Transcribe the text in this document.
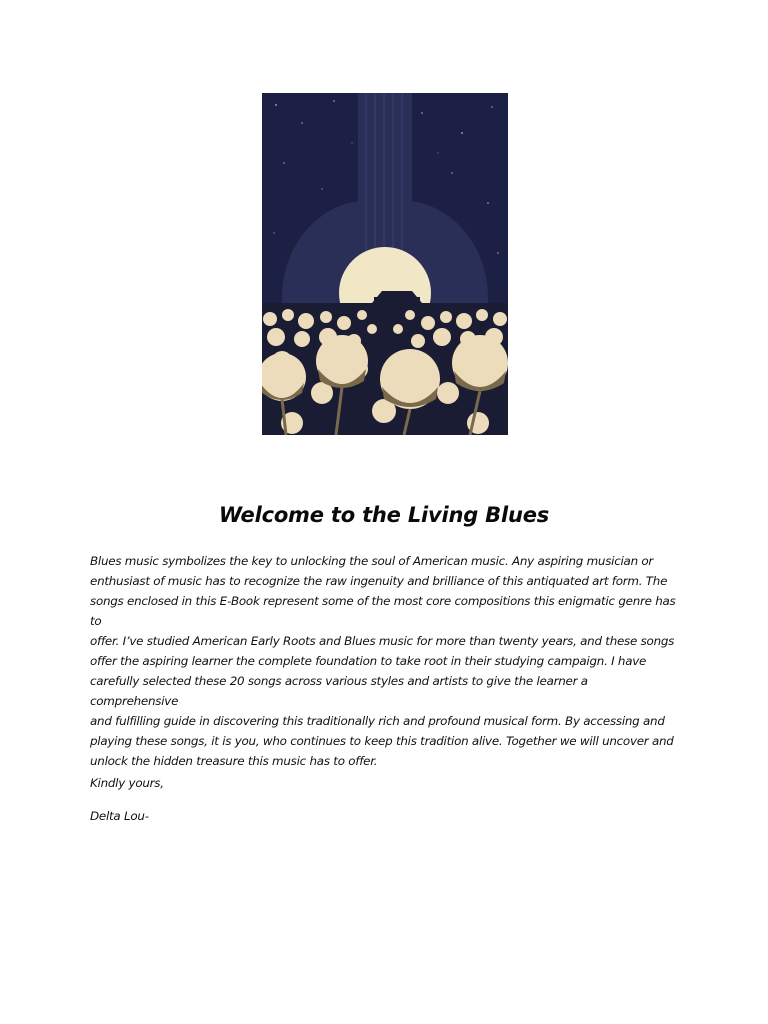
Welcome to the Living Blues

Blues music symbolizes the key to unlocking the soul of American music. Any aspiring musician or
enthusiast of music has to recognize the raw ingenuity and brilliance of this antiquated art form. The
songs enclosed in this E-Book represent some of the most core compositions this enigmatic genre has to
offer. I’ve studied American Early Roots and Blues music for more than twenty years, and these songs
offer the aspiring learner the complete foundation to take root in their studying campaign. I have
carefully selected these 20 songs across various styles and artists to give the learner a comprehensive
and fulfilling guide in discovering this traditionally rich and profound musical form. By accessing and
playing these songs, it is you, who continues to keep this tradition alive. Together we will uncover and
unlock the hidden treasure this music has to offer.

Kindly yours,
Delta Lou-
